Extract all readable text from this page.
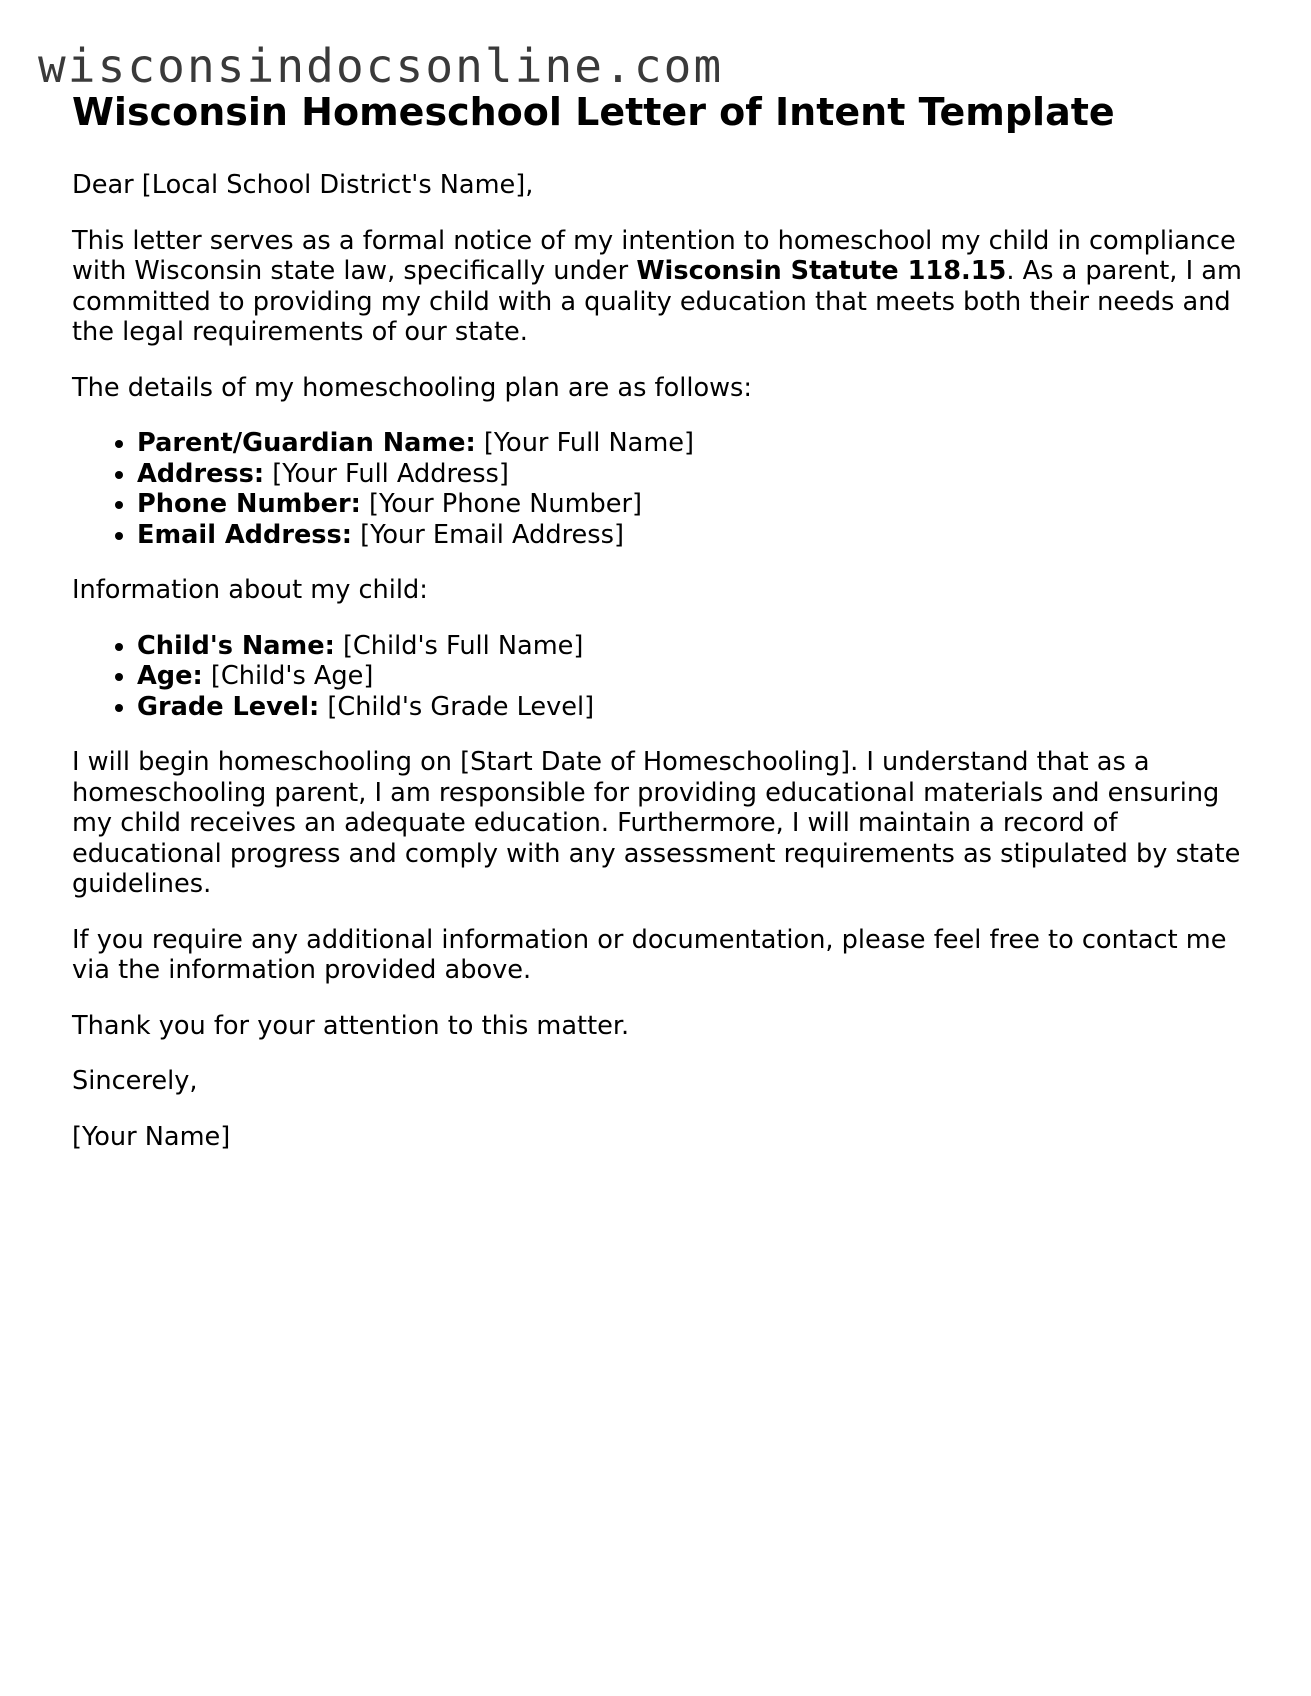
wisconsindocsonline.com
Wisconsin Homeschool Letter of Intent Template

Dear [Local School District's Name],

This letter serves as a formal notice of my intention to homeschool my child in compliance with Wisconsin state law, specifically under Wisconsin Statute 118.15. As a parent, I am committed to providing my child with a quality education that meets both their needs and the legal requirements of our state.

The details of my homeschooling plan are as follows:

• Parent/Guardian Name: [Your Full Name]
• Address: [Your Full Address]
• Phone Number: [Your Phone Number]
• Email Address: [Your Email Address]

Information about my child:

• Child's Name: [Child's Full Name]
• Age: [Child's Age]
• Grade Level: [Child's Grade Level]

I will begin homeschooling on [Start Date of Homeschooling]. I understand that as a homeschooling parent, I am responsible for providing educational materials and ensuring my child receives an adequate education. Furthermore, I will maintain a record of educational progress and comply with any assessment requirements as stipulated by state guidelines.

If you require any additional information or documentation, please feel free to contact me via the information provided above.

Thank you for your attention to this matter.

Sincerely,

[Your Name]
